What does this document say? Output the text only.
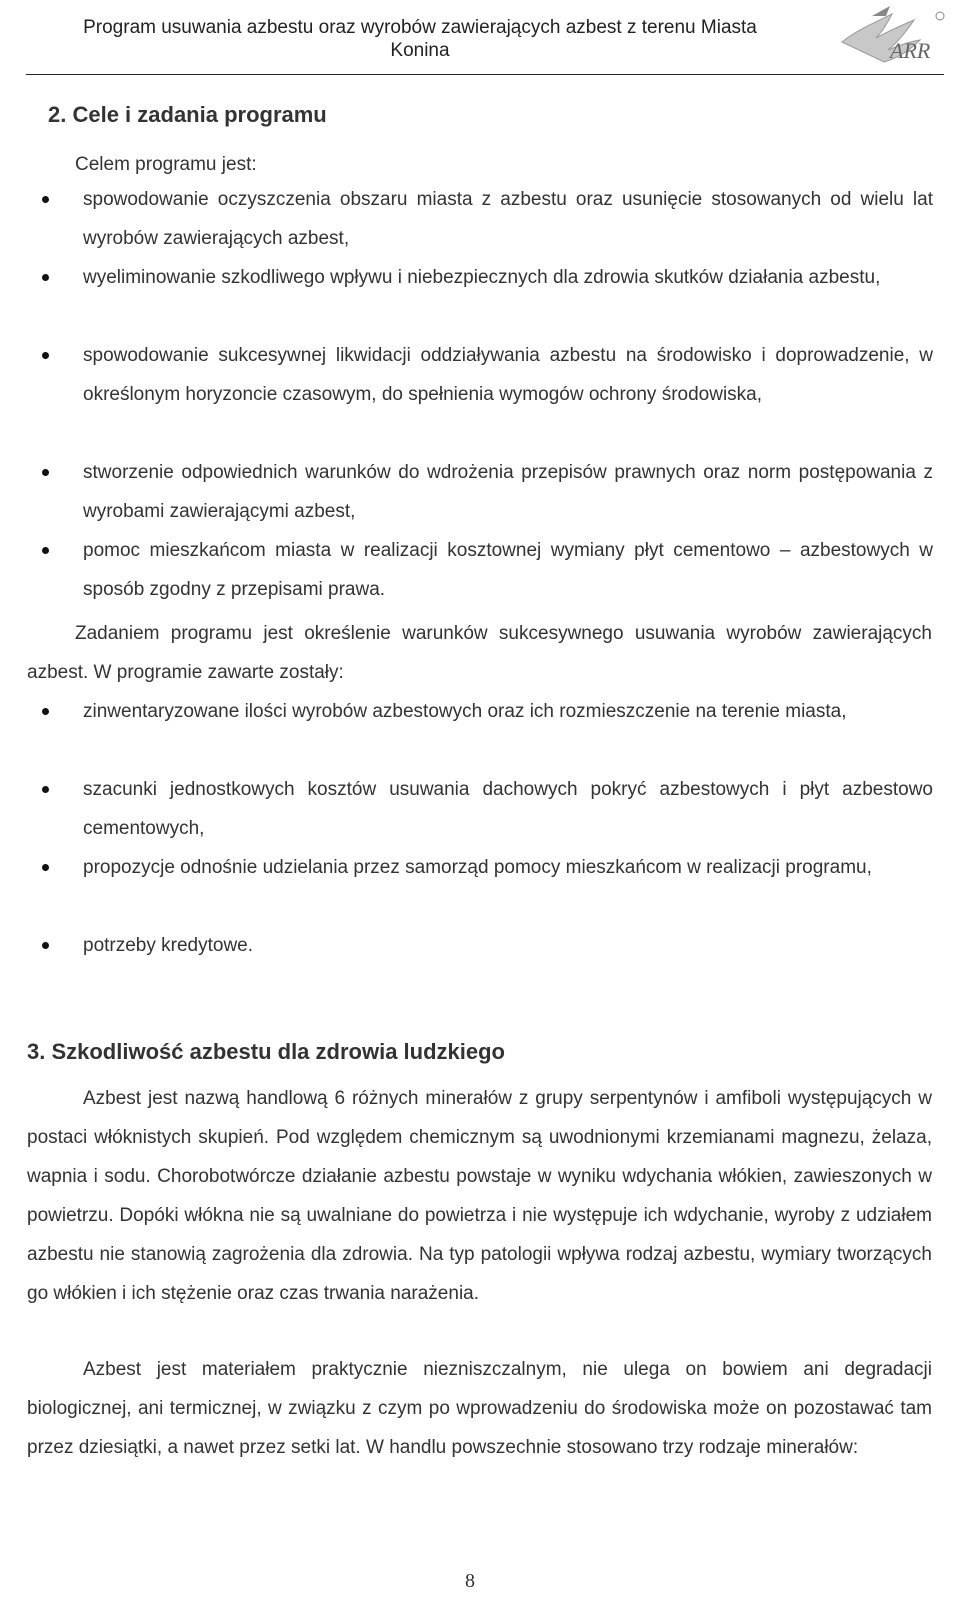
Program usuwania azbestu oraz wyrobów zawierających azbest z terenu Miasta Konina	ARR
2. Cele i zadania programu

Celem programu jest:

spowodowanie oczyszczenia obszaru miasta z azbestu oraz usunięcie stosowanych od wielu lat wyrobów zawierających azbest,
wyeliminowanie szkodliwego wpływu i niebezpiecznych dla zdrowia skutków działania azbestu,
spowodowanie sukcesywnej likwidacji oddziaływania azbestu na środowisko i doprowadzenie, w określonym horyzoncie czasowym, do spełnienia wymogów ochrony środowiska,
stworzenie odpowiednich warunków do wdrożenia przepisów prawnych oraz norm postępowania z wyrobami zawierającymi azbest,
pomoc mieszkańcom miasta w realizacji kosztownej wymiany płyt cementowo – azbestowych w sposób zgodny z przepisami prawa.

Zadaniem programu jest określenie warunków sukcesywnego usuwania wyrobów zawierających azbest. W programie zawarte zostały:

zinwentaryzowane ilości wyrobów azbestowych oraz ich rozmieszczenie na terenie miasta,
szacunki jednostkowych kosztów usuwania dachowych pokryć azbestowych i płyt azbestowo cementowych,
propozycje odnośnie udzielania przez samorząd pomocy mieszkańcom w realizacji programu,
potrzeby kredytowe.
3. Szkodliwość azbestu dla zdrowia ludzkiego

Azbest jest nazwą handlową 6 różnych minerałów z grupy serpentynów i amfiboli występujących w postaci włóknistych skupień. Pod względem chemicznym są uwodnionymi krzemianami magnezu, żelaza, wapnia i sodu. Chorobotwórcze działanie azbestu powstaje w wyniku wdychania włókien, zawieszonych w powietrzu. Dopóki włókna nie są uwalniane do powietrza i nie występuje ich wdychanie, wyroby z udziałem azbestu nie stanowią zagrożenia dla zdrowia. Na typ patologii wpływa rodzaj azbestu, wymiary tworzących go włókien i ich stężenie oraz czas trwania narażenia.

Azbest jest materiałem praktycznie niezniszczalnym, nie ulega on bowiem ani degradacji biologicznej, ani termicznej, w związku z czym po wprowadzeniu do środowiska może on pozostawać tam przez dziesiątki, a nawet przez setki lat. W handlu powszechnie stosowano trzy rodzaje minerałów:

8
